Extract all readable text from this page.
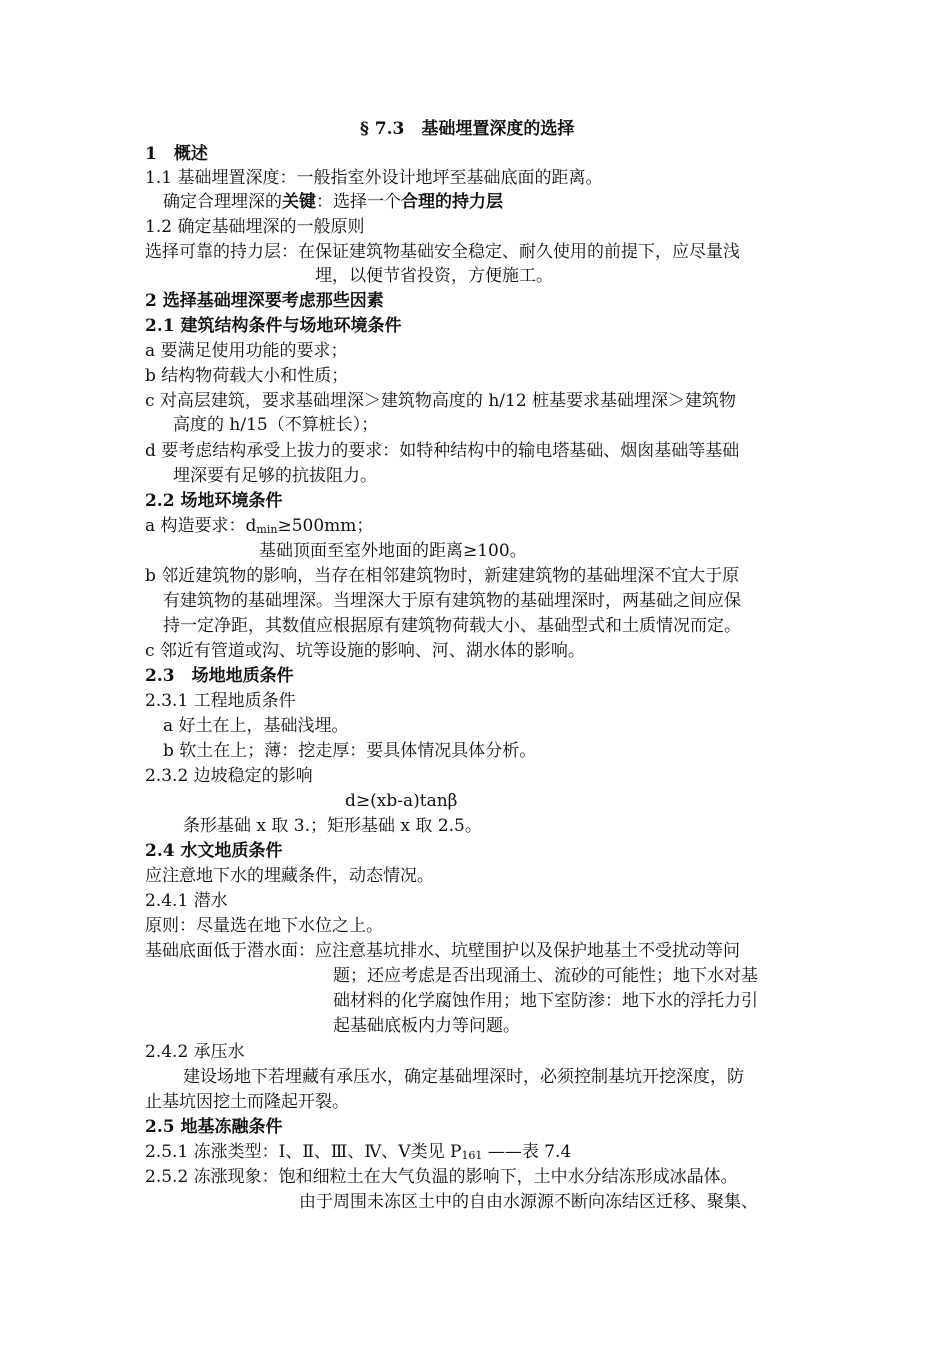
§ 7.3　基础埋置深度的选择
1　概述
1.1 基础埋置深度：一般指室外设计地坪至基础底面的距离。
确定合理埋深的关键：选择一个合理的持力层
1.2 确定基础埋深的一般原则
选择可靠的持力层：在保证建筑物基础安全稳定、耐久使用的前提下，应尽量浅
埋，以便节省投资，方便施工。
2 选择基础埋深要考虑那些因素
2.1 建筑结构条件与场地环境条件
a 要满足使用功能的要求；
b 结构物荷载大小和性质；
c 对高层建筑，要求基础埋深＞建筑物高度的 h/12 桩基要求基础埋深＞建筑物
高度的 h/15（不算桩长）；
d 要考虑结构承受上拔力的要求：如特种结构中的输电塔基础、烟囱基础等基础
埋深要有足够的抗拔阻力。
2.2 场地环境条件
a 构造要求：dmin≥500mm；
基础顶面至室外地面的距离≥100。
b 邻近建筑物的影响，当存在相邻建筑物时，新建建筑物的基础埋深不宜大于原
有建筑物的基础埋深。当埋深大于原有建筑物的基础埋深时，两基础之间应保
持一定净距，其数值应根据原有建筑物荷载大小、基础型式和土质情况而定。
c 邻近有管道或沟、坑等设施的影响、河、湖水体的影响。
2.3　场地地质条件
2.3.1 工程地质条件
a 好土在上，基础浅埋。
b 软土在上；薄：挖走厚：要具体情况具体分析。
2.3.2 边坡稳定的影响
d≥(xb-a)tanβ
条形基础 x 取 3.；矩形基础 x 取 2.5。
2.4 水文地质条件
应注意地下水的埋藏条件，动态情况。
2.4.1 潜水
原则：尽量选在地下水位之上。
基础底面低于潜水面：应注意基坑排水、坑壁围护以及保护地基土不受扰动等问
题；还应考虑是否出现涌土、流砂的可能性；地下水对基
础材料的化学腐蚀作用；地下室防渗：地下水的浮托力引
起基础底板内力等问题。
2.4.2 承压水
建设场地下若埋藏有承压水，确定基础埋深时，必须控制基坑开挖深度，防
止基坑因挖土而隆起开裂。
2.5 地基冻融条件
2.5.1 冻涨类型：Ⅰ、Ⅱ、Ⅲ、Ⅳ、Ⅴ类见 P161 ——表 7.4
2.5.2 冻涨现象：饱和细粒土在大气负温的影响下，土中水分结冻形成冰晶体。
由于周围未冻区土中的自由水源源不断向冻结区迁移、聚集、
